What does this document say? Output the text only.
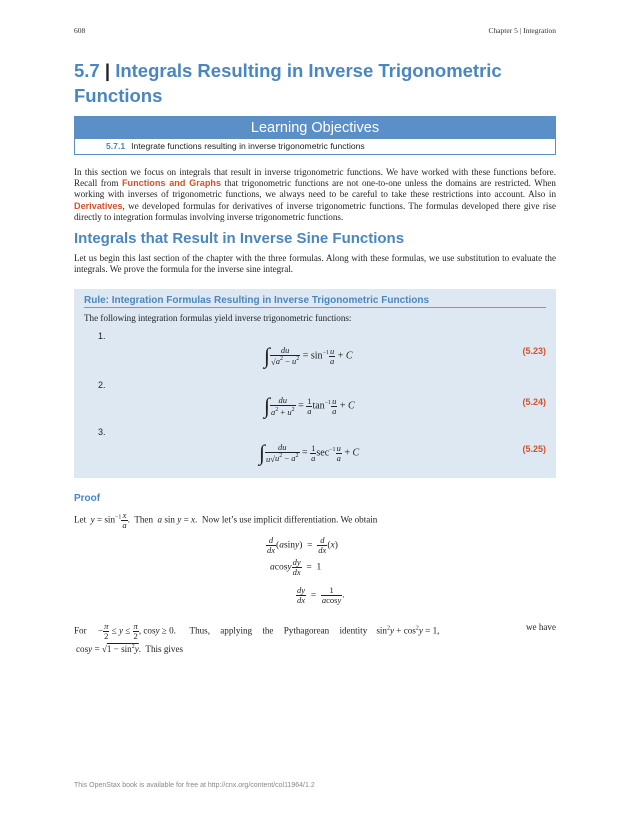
608	Chapter 5 | Integration
5.7 | Integrals Resulting in Inverse Trigonometric Functions
Learning Objectives
5.7.1 Integrate functions resulting in inverse trigonometric functions

In this section we focus on integrals that result in inverse trigonometric functions. We have worked with these functions before. Recall from Functions and Graphs that trigonometric functions are not one-to-one unless the domains are restricted. When working with inverses of trigonometric functions, we always need to be careful to take these restrictions into account. Also in Derivatives, we developed formulas for derivatives of inverse trigonometric functions. The formulas developed there give rise directly to integration formulas involving inverse trigonometric functions.

Integrals that Result in Inverse Sine Functions

Let us begin this last section of the chapter with the three formulas. Along with these formulas, we use substitution to evaluate the integrals. We prove the formula for the inverse sine integral.

Rule: Integration Formulas Resulting in Inverse Trigonometric Functions
The following integration formulas yield inverse trigonometric functions:
1.
(5.23)
∫ $\frac{du}{√a^2 - u^2} = \sin^{-1} \frac{u}{a} + C$
2.
(5.24)
∫ $\frac{du}{a^2 + u^2} = \frac{1}{a} \tan^{-1} \frac{u}{a} + C$
3.
(5.25)
∫ $\frac{du}{u√u^2 - a^2} = \frac{1}{a} \sec^{-1} \frac{u}{a} + C$
Proof
Let $y = \sin^{-1} \frac{x}{a}$ .  Then a sin y = x.  Now let’s use implicit differentiation. We obtain
$\frac{d}{dx} (asiny) = \frac{d}{dx} (x)$
acosy $\frac{dy}{dx} = 1$
$\frac{dy}{dx} = \frac{1}{acosy}$ .
For     − $\frac{\pi}{2} \le y \le \frac{\pi}{2}$ , cosy ≥ 0.      Thus, applying the Pythagorean identity    $\sin^2y + \cos^2y = 1$,	we have
$\cos y = √1 - \sin^2y$.  This gives
This OpenStax book is available for free at http://cnx.org/content/col11964/1.2
